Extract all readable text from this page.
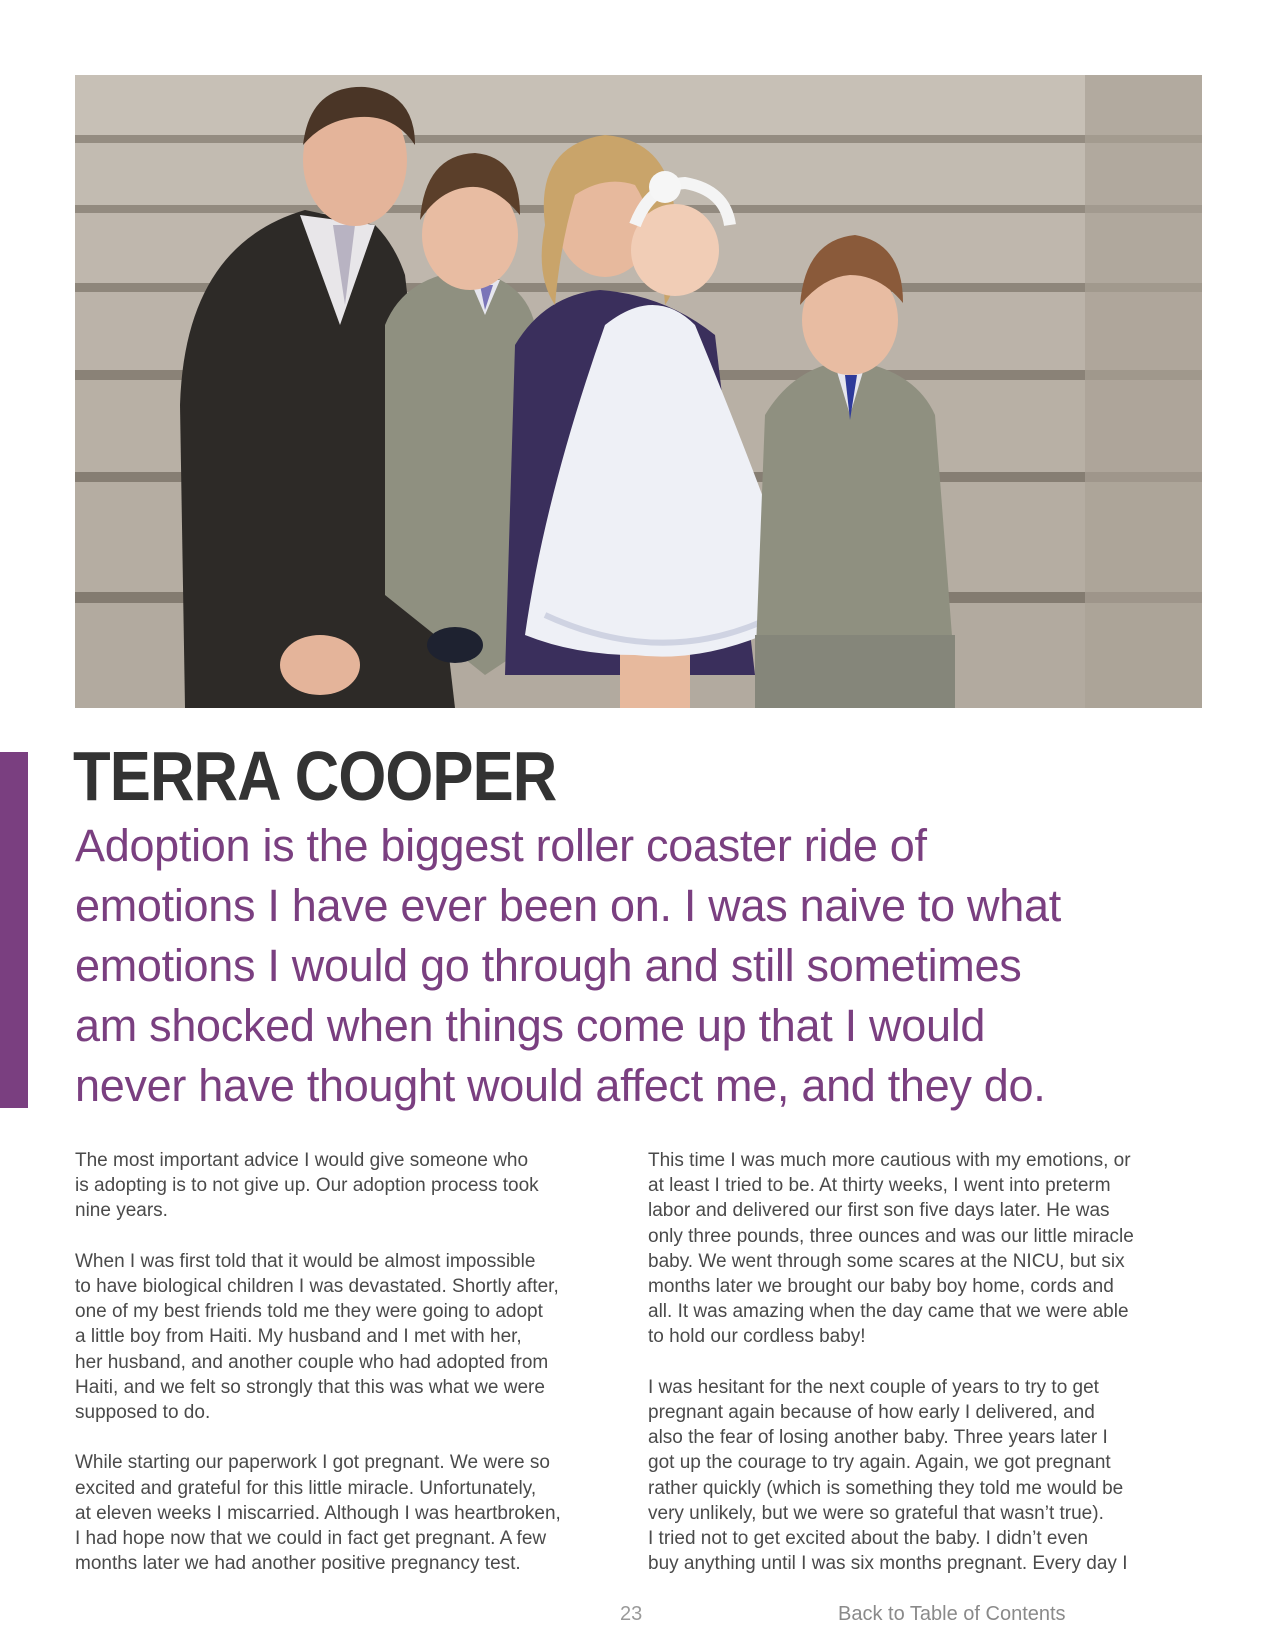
TERRA COOPER
Adoption is the biggest roller coaster ride of
emotions I have ever been on. I was naive to what
emotions I would go through and still sometimes
am shocked when things come up that I would
never have thought would affect me, and they do.

The most important advice I would give someone who
is adopting is to not give up. Our adoption process took
nine years.

When I was first told that it would be almost impossible
to have biological children I was devastated. Shortly after,
one of my best friends told me they were going to adopt
a little boy from Haiti. My husband and I met with her,
her husband, and another couple who had adopted from
Haiti, and we felt so strongly that this was what we were
supposed to do.

While starting our paperwork I got pregnant. We were so
excited and grateful for this little miracle. Unfortunately,
at eleven weeks I miscarried. Although I was heartbroken,
I had hope now that we could in fact get pregnant. A few
months later we had another positive pregnancy test.

This time I was much more cautious with my emotions, or
at least I tried to be. At thirty weeks, I went into preterm
labor and delivered our first son five days later. He was
only three pounds, three ounces and was our little miracle
baby. We went through some scares at the NICU, but six
months later we brought our baby boy home, cords and
all. It was amazing when the day came that we were able
to hold our cordless baby!

I was hesitant for the next couple of years to try to get
pregnant again because of how early I delivered, and
also the fear of losing another baby. Three years later I
got up the courage to try again. Again, we got pregnant
rather quickly (which is something they told me would be
very unlikely, but we were so grateful that wasn’t true).
I tried not to get excited about the baby. I didn’t even
buy anything until I was six months pregnant. Every day I

23	Back to Table of Contents
